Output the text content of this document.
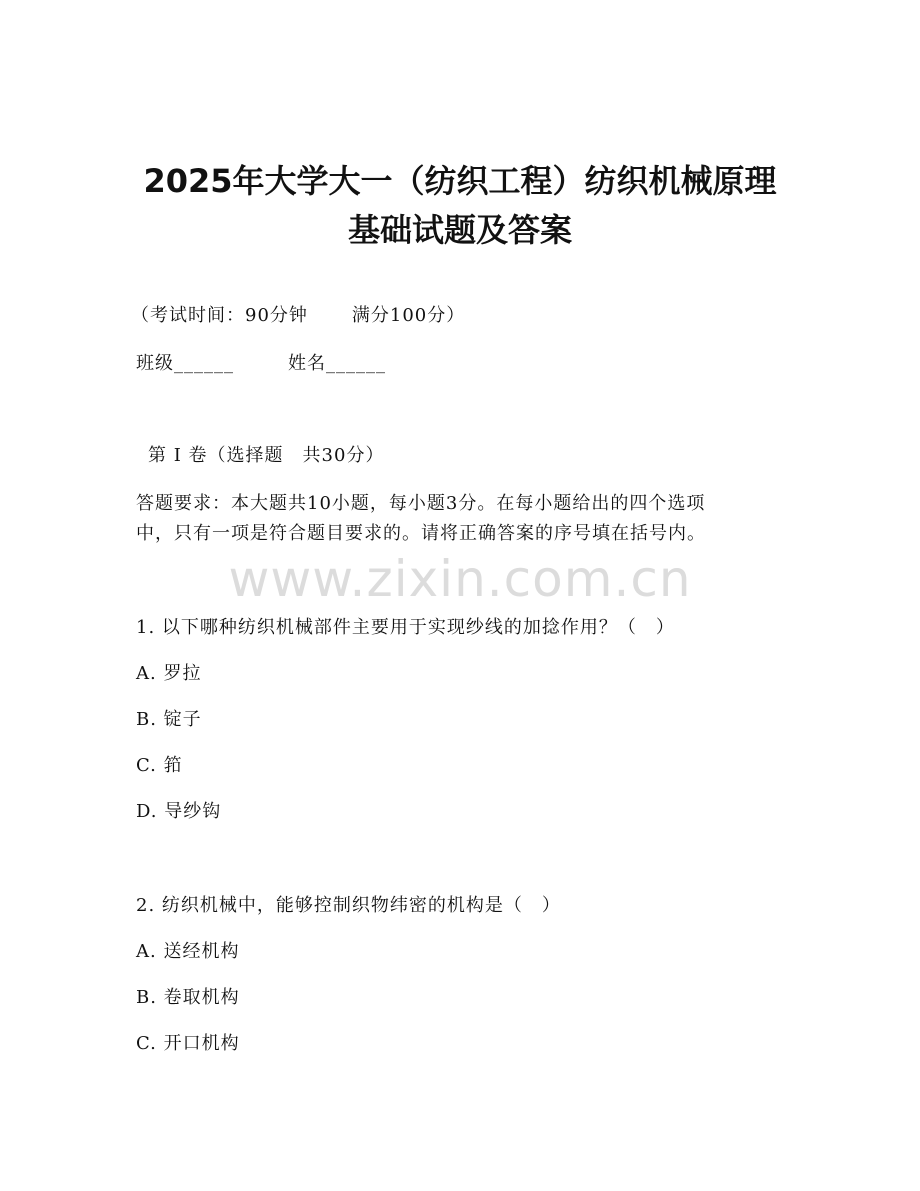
2025年大学大一（纺织工程）纺织机械原理
基础试题及答案

（考试时间：90分钟 满分100分）

班级______	姓名______

第 I 卷（选择题　共30分）

答题要求：本大题共10小题，每小题3分。在每小题给出的四个选项

中，只有一项是符合题目要求的。请将正确答案的序号填在括号内。

www.zixin.com.cn

1. 以下哪种纺织机械部件主要用于实现纱线的加捻作用？（　）

A. 罗拉

B. 锭子

C. 筘

D. 导纱钩

2. 纺织机械中，能够控制织物纬密的机构是（　）

A. 送经机构

B. 卷取机构

C. 开口机构
